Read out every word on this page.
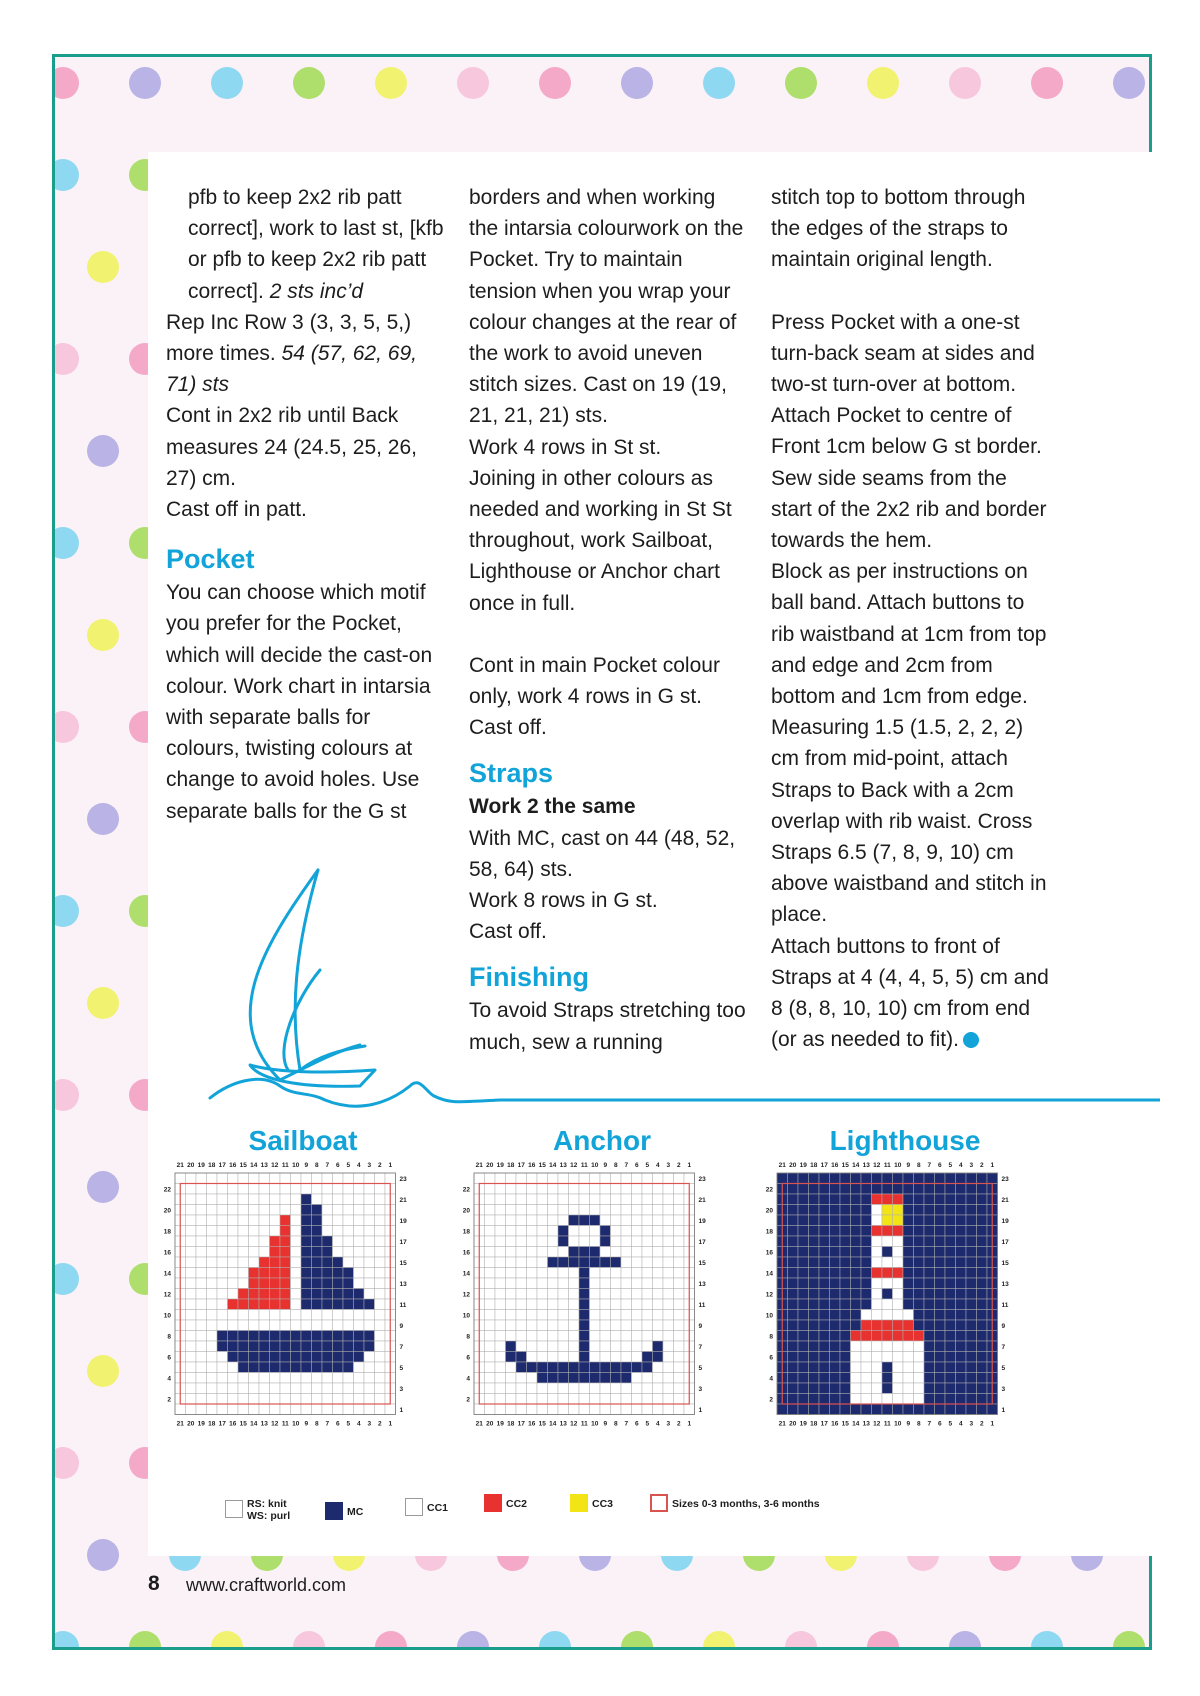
pfb to keep 2x2 rib patt correct], work to last st, [kfb or pfb to keep 2x2 rib patt correct]. 2 sts inc’d

Rep Inc Row 3 (3, 3, 5, 5,) more times. 54 (57, 62, 69, 71) sts

Cont in 2x2 rib until Back measures 24 (24.5, 25, 26, 27) cm.

Cast off in patt.

Pocket

You can choose which motif you prefer for the Pocket, which will decide the cast-on colour. Work chart in intarsia with separate balls for colours, twisting colours at change to avoid holes. Use separate balls for the G st

borders and when working the intarsia colourwork on the Pocket. Try to maintain tension when you wrap your colour changes at the rear of the work to avoid uneven stitch sizes. Cast on 19 (19, 21, 21, 21) sts.

Work 4 rows in St st.

Joining in other colours as needed and working in St St throughout, work Sailboat, Lighthouse or Anchor chart once in full.

Cont in main Pocket colour only, work 4 rows in G st.

Cast off.

Straps

Work 2 the same

With MC, cast on 44 (48, 52, 58, 64) sts.

Work 8 rows in G st.

Cast off.

Finishing

To avoid Straps stretching too much, sew a running

stitch top to bottom through the edges of the straps to maintain original length.

Press Pocket with a one-st turn-back seam at sides and two-st turn-over at bottom.

Attach Pocket to centre of Front 1cm below G st border.

Sew side seams from the start of the 2x2 rib and border towards the hem.

Block as per instructions on ball band. Attach buttons to rib waistband at 1cm from top and edge and 2cm from bottom and 1cm from edge.

Measuring 1.5 (1.5, 2, 2, 2) cm from mid-point, attach Straps to Back with a 2cm overlap with rib waist. Cross Straps 6.5 (7, 8, 9, 10) cm above waistband and stitch in place.

Attach buttons to front of Straps at 4 (4, 4, 5, 5) cm and 8 (8, 8, 10, 10) cm from end (or as needed to fit).

Sailboat	Anchor	Lighthouse
21
21
20
20
19
19
18
18
17
17
16
16
15
15
14
14
13
13
12
12
11
11
10
10
9
9
8
8
7
7
6
6
5
5
4
4
3
3
2
2
1
1
22
20
18
16
14
12
10
8
6
4
2
23
21
19
17
15
13
11
9
7
5
3
1
21
21
20
20
19
19
18
18
17
17
16
16
15
15
14
14
13
13
12
12
11
11
10
10
9
9
8
8
7
7
6
6
5
5
4
4
3
3
2
2
1
1
22
20
18
16
14
12
10
8
6
4
2
23
21
19
17
15
13
11
9
7
5
3
1
21
21
20
20
19
19
18
18
17
17
16
16
15
15
14
14
13
13
12
12
11
11
10
10
9
9
8
8
7
7
6
6
5
5
4
4
3
3
2
2
1
1
22
20
18
16
14
12
10
8
6
4
2
23
21
19
17
15
13
11
9
7
5
3
1
RS: knit
WS: purl	MC	CC1	CC2	CC3	Sizes 0-3 months, 3-6 months
8 www.craftworld.com
